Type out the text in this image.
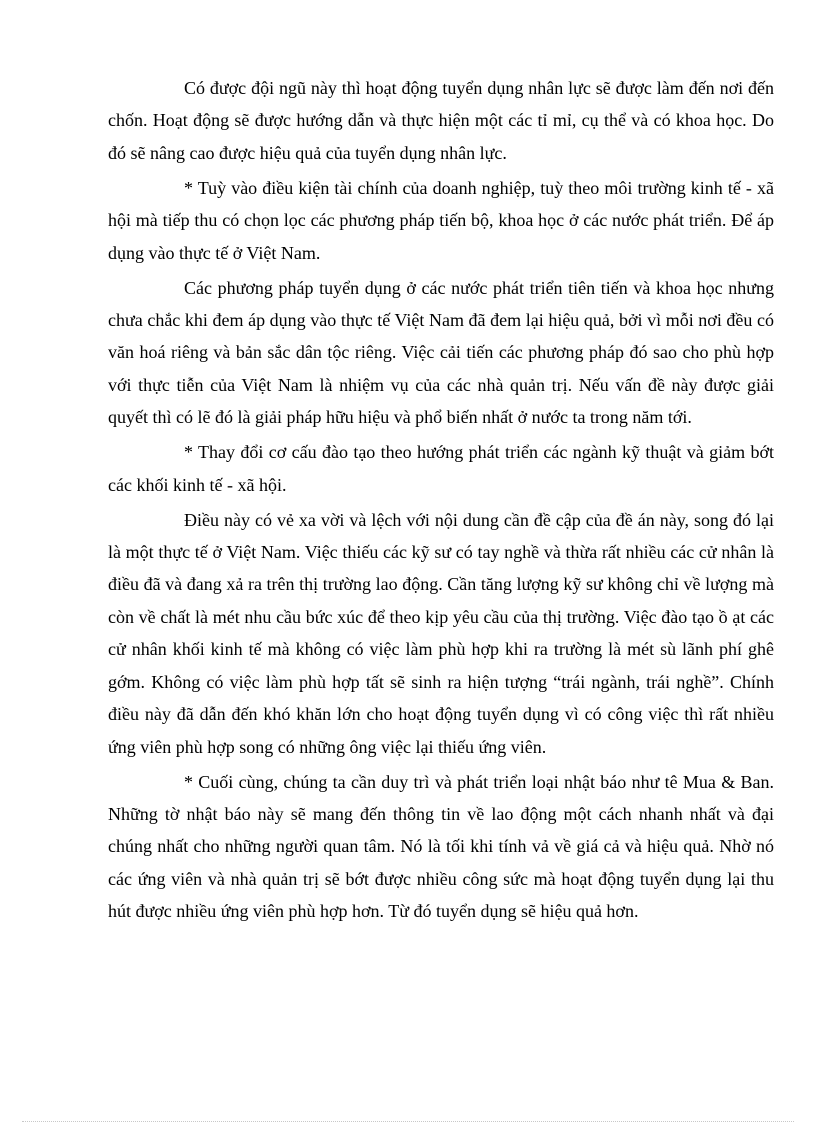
Có được đội ngũ này thì hoạt động tuyển dụng nhân lực sẽ được làm đến nơi đến chốn. Hoạt động sẽ được hướng dẫn và thực hiện một các tỉ mỉ, cụ thể và có khoa học. Do đó sẽ nâng cao được hiệu quả của tuyển dụng nhân lực.

* Tuỳ vào điều kiện tài chính của doanh nghiệp, tuỳ theo môi trường kinh tế - xã hội mà tiếp thu có chọn lọc các phương pháp tiến bộ, khoa học ở các nước phát triển. Để áp dụng vào thực tế ở Việt Nam.

Các phương pháp tuyển dụng ở các nước phát triển tiên tiến và khoa học nhưng chưa chắc khi đem áp dụng vào thực tế Việt Nam đã đem lại hiệu quả, bởi vì mỗi nơi đều có văn hoá riêng và bản sắc dân tộc riêng. Việc cải tiến các phương pháp đó sao cho phù hợp với thực tiễn của Việt Nam là nhiệm vụ của các nhà quản trị. Nếu vấn đề này được giải quyết thì có lẽ đó là giải pháp hữu hiệu và phổ biến nhất ở nước ta trong năm tới.

* Thay đổi cơ cấu đào tạo theo hướng phát triển các ngành kỹ thuật và giảm bớt các khối kinh tế - xã hội.

Điều này có vẻ xa vời và lệch với nội dung cần đề cập của đề án này, song đó lại là một thực tế ở Việt Nam. Việc thiếu các kỹ sư có tay nghề và thừa rất nhiều các cử nhân là điều đã và đang xả ra trên thị trường lao động. Cần tăng lượng kỹ sư không chỉ về lượng mà còn về chất là mét nhu cầu bức xúc để theo kịp yêu cầu của thị trường. Việc đào tạo ồ ạt các cử nhân khối kinh tế mà không có việc làm phù hợp khi ra trường là mét sù lãnh phí ghê gớm. Không có việc làm phù hợp tất sẽ sinh ra hiện tượng “trái ngành, trái nghề”. Chính điều này đã dẫn đến khó khăn lớn cho hoạt động tuyển dụng vì có công việc thì rất nhiều ứng viên phù hợp song có những ông việc lại thiếu ứng viên.

* Cuối cùng, chúng ta cần duy trì và phát triển loại nhật báo như tê Mua & Ban. Những tờ nhật báo này sẽ mang đến thông tin về lao động một cách nhanh nhất và đại chúng nhất cho những người quan tâm. Nó là tối khi tính vả về giá cả và hiệu quả. Nhờ nó các ứng viên và nhà quản trị sẽ bớt được nhiều công sức mà hoạt động tuyển dụng lại thu hút được nhiều ứng viên phù hợp hơn. Từ đó tuyển dụng sẽ hiệu quả hơn.
